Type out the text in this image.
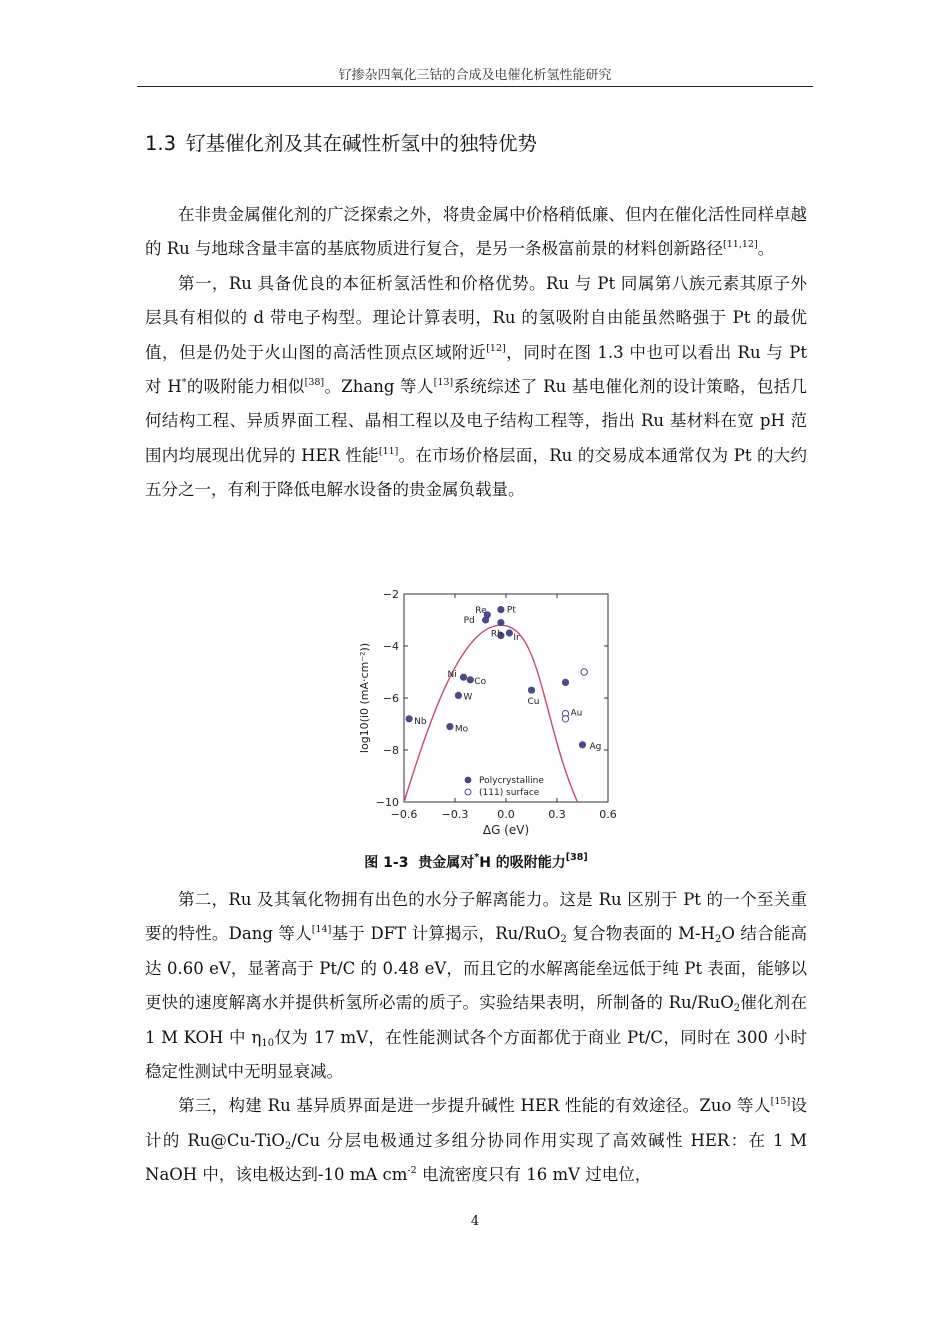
钌掺杂四氧化三钴的合成及电催化析氢性能研究
1.3 钌基催化剂及其在碱性析氢中的独特优势

在非贵金属催化剂的广泛探索之外，将贵金属中价格稍低廉、但内在催化活性同样卓越的 Ru 与地球含量丰富的基底物质进行复合，是另一条极富前景的材料创新路径[11,12]。

第一，Ru 具备优良的本征析氢活性和价格优势。Ru 与 Pt 同属第八族元素其原子外层具有相似的 d 带电子构型。理论计算表明，Ru 的氢吸附自由能虽然略强于 Pt 的最优值，但是仍处于火山图的高活性顶点区域附近[12]，同时在图 1.3 中也可以看出 Ru 与 Pt 对 H*的吸附能力相似[38]。Zhang 等人[13]系统综述了 Ru 基电催化剂的设计策略，包括几何结构工程、异质界面工程、晶相工程以及电子结构工程等，指出 Ru 基材料在宽 pH 范围内均展现出优异的 HER 性能[11]。在市场价格层面，Ru 的交易成本通常仅为 Pt 的大约五分之一，有利于降低电解水设备的贵金属负载量。

−0.6 −0.3	0.0	0.3	0.6
−10
−8
−6
−4
−2
ΔG (eV)
log10(i0 (mA·cm⁻²))
Pt
Re
Pd
Rh Ir
Ni
Co
W
Mo
Nb
Cu
Ag
Au
Polycrystalline
(111) surface
图 1-3 贵金属对*H 的吸附能力[38]

第二，Ru 及其氧化物拥有出色的水分子解离能力。这是 Ru 区别于 Pt 的一个至关重要的特性。Dang 等人[14]基于 DFT 计算揭示，Ru/RuO2 复合物表面的 M-H2O 结合能高达 0.60 eV，显著高于 Pt/C 的 0.48 eV，而且它的水解离能垒远低于纯 Pt 表面，能够以更快的速度解离水并提供析氢所必需的质子。实验结果表明，所制备的 Ru/RuO2催化剂在 1 M KOH 中 η10仅为 17 mV，在性能测试各个方面都优于商业 Pt/C，同时在 300 小时稳定性测试中无明显衰减。

第三，构建 Ru 基异质界面是进一步提升碱性 HER 性能的有效途径。Zuo 等人[15]设计的 Ru@Cu-TiO2/Cu 分层电极通过多组分协同作用实现了高效碱性 HER：在 1 M NaOH 中，该电极达到-10 mA $cm^{-2}$ 电流密度只有 16 mV 过电位，

4
